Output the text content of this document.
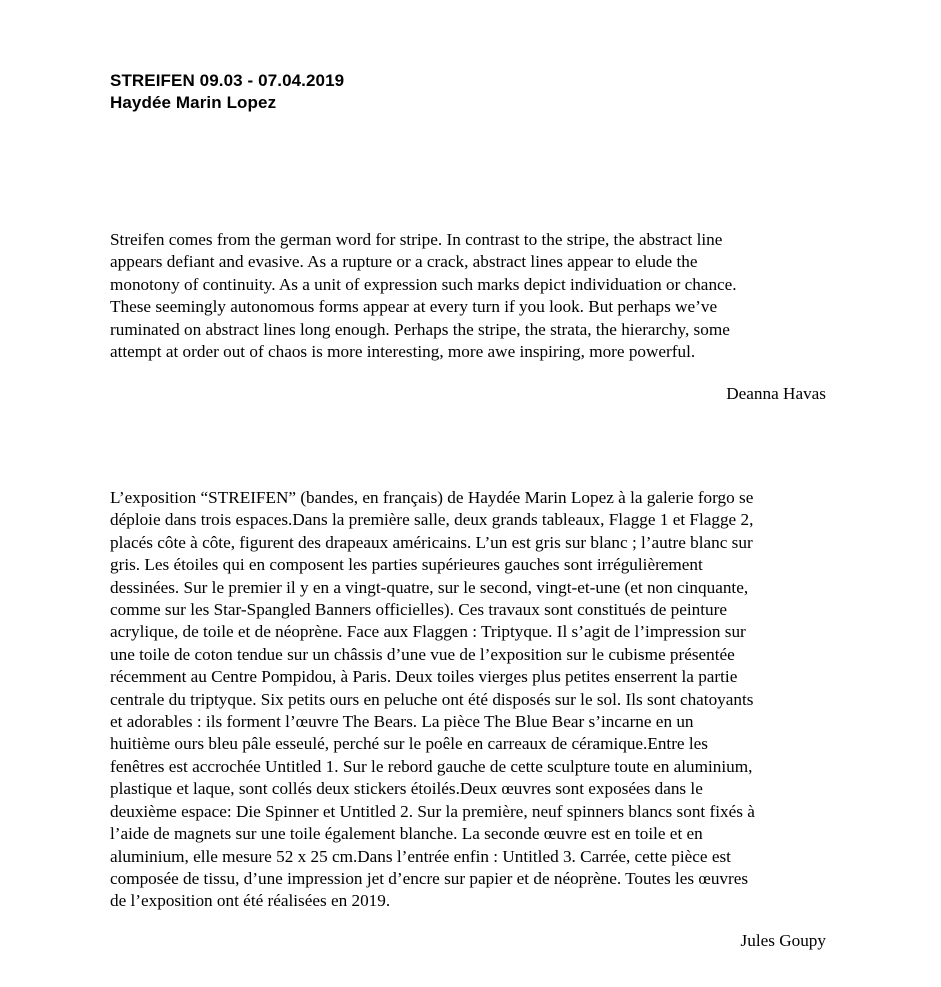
STREIFEN 09.03 - 07.04.2019
Haydée Marin Lopez
Streifen comes from the german word for stripe. In contrast to the stripe, the abstract line
appears defiant and evasive. As a rupture or a crack, abstract lines appear to elude the
monotony of continuity. As a unit of expression such marks depict individuation or chance.
These seemingly autonomous forms appear at every turn if you look. But perhaps we’ve
ruminated on abstract lines long enough. Perhaps the stripe, the strata, the hierarchy, some
attempt at order out of chaos is more interesting, more awe inspiring, more powerful.
Deanna Havas
L’exposition “STREIFEN” (bandes, en français) de Haydée Marin Lopez à la galerie forgo se
déploie dans trois espaces.Dans la première salle, deux grands tableaux, Flagge 1 et Flagge 2,
placés côte à côte, figurent des drapeaux américains. L’un est gris sur blanc ; l’autre blanc sur
gris. Les étoiles qui en composent les parties supérieures gauches sont irrégulièrement
dessinées. Sur le premier il y en a vingt-quatre, sur le second, vingt-et-une (et non cinquante,
comme sur les Star-Spangled Banners officielles). Ces travaux sont constitués de peinture
acrylique, de toile et de néoprène. Face aux Flaggen : Triptyque. Il s’agit de l’impression sur
une toile de coton tendue sur un châssis d’une vue de l’exposition sur le cubisme présentée
récemment au Centre Pompidou, à Paris. Deux toiles vierges plus petites enserrent la partie
centrale du triptyque. Six petits ours en peluche ont été disposés sur le sol. Ils sont chatoyants
et adorables : ils forment l’œuvre The Bears. La pièce The Blue Bear s’incarne en un
huitième ours bleu pâle esseulé, perché sur le poêle en carreaux de céramique.Entre les
fenêtres est accrochée Untitled 1. Sur le rebord gauche de cette sculpture toute en aluminium,
plastique et laque, sont collés deux stickers étoilés.Deux œuvres sont exposées dans le
deuxième espace: Die Spinner et Untitled 2. Sur la première, neuf spinners blancs sont fixés à
l’aide de magnets sur une toile également blanche. La seconde œuvre est en toile et en
aluminium, elle mesure 52 x 25 cm.Dans l’entrée enfin : Untitled 3. Carrée, cette pièce est
composée de tissu, d’une impression jet d’encre sur papier et de néoprène. Toutes les œuvres
de l’exposition ont été réalisées en 2019.
Jules Goupy
